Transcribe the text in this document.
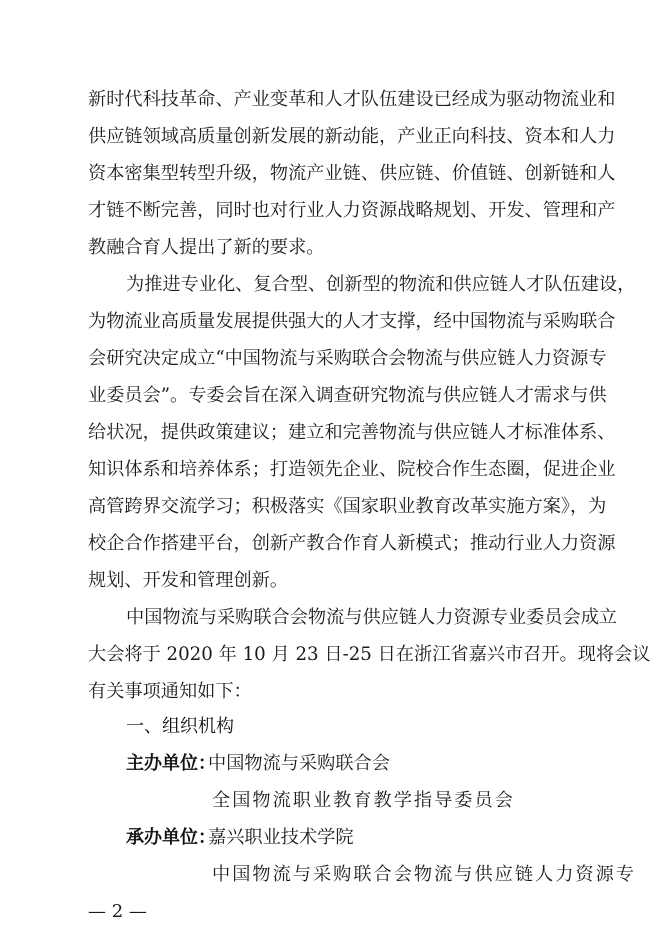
新时代科技革命、产业变革和人才队伍建设已经成为驱动物流业和
供应链领域高质量创新发展的新动能，产业正向科技、资本和人力
资本密集型转型升级，物流产业链、供应链、价值链、创新链和人
才链不断完善，同时也对行业人力资源战略规划、开发、管理和产
教融合育人提出了新的要求。
为推进专业化、复合型、创新型的物流和供应链人才队伍建设，
为物流业高质量发展提供强大的人才支撑，经中国物流与采购联合
会研究决定成立“中国物流与采购联合会物流与供应链人力资源专
业委员会”。专委会旨在深入调查研究物流与供应链人才需求与供
给状况，提供政策建议；建立和完善物流与供应链人才标准体系、
知识体系和培养体系；打造领先企业、院校合作生态圈，促进企业
高管跨界交流学习；积极落实《国家职业教育改革实施方案》，为
校企合作搭建平台，创新产教合作育人新模式；推动行业人力资源
规划、开发和管理创新。
中国物流与采购联合会物流与供应链人力资源专业委员会成立
大会将于 2020 年 10 月 23 日-25 日在浙江省嘉兴市召开。现将会议
有关事项通知如下：
一、组织机构
主办单位：
中国物流与采购联合会
全国物流职业教育教学指导委员会
承办单位：
嘉兴职业技术学院
中国物流与采购联合会物流与供应链人力资源专
— 2 —
